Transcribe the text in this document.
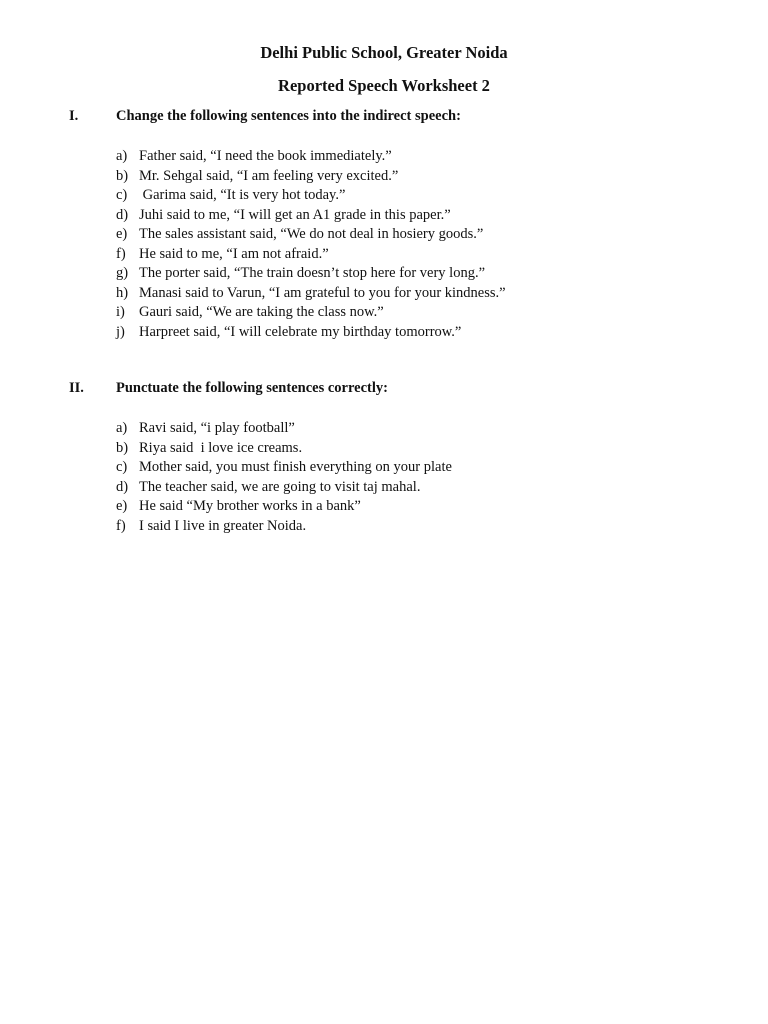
Delhi Public School, Greater Noida
Reported Speech Worksheet 2
I.	Change the following sentences into the indirect speech:
a) Father said, “I need the book immediately.”
b) Mr. Sehgal said, “I am feeling very excited.”
c) Garima said, “It is very hot today.”
d) Juhi said to me, “I will get an A1 grade in this paper.”
e) The sales assistant said, “We do not deal in hosiery goods.”
f) He said to me, “I am not afraid.”
g) The porter said, “The train doesn’t stop here for very long.”
h) Manasi said to Varun, “I am grateful to you for your kindness.”
i) Gauri said, “We are taking the class now.”
j) Harpreet said, “I will celebrate my birthday tomorrow.”
II.	Punctuate the following sentences correctly:
a) Ravi said, “i play football”
b) Riya said  i love ice creams.
c) Mother said, you must finish everything on your plate
d) The teacher said, we are going to visit taj mahal.
e) He said “My brother works in a bank”
f) I said I live in greater Noida.
